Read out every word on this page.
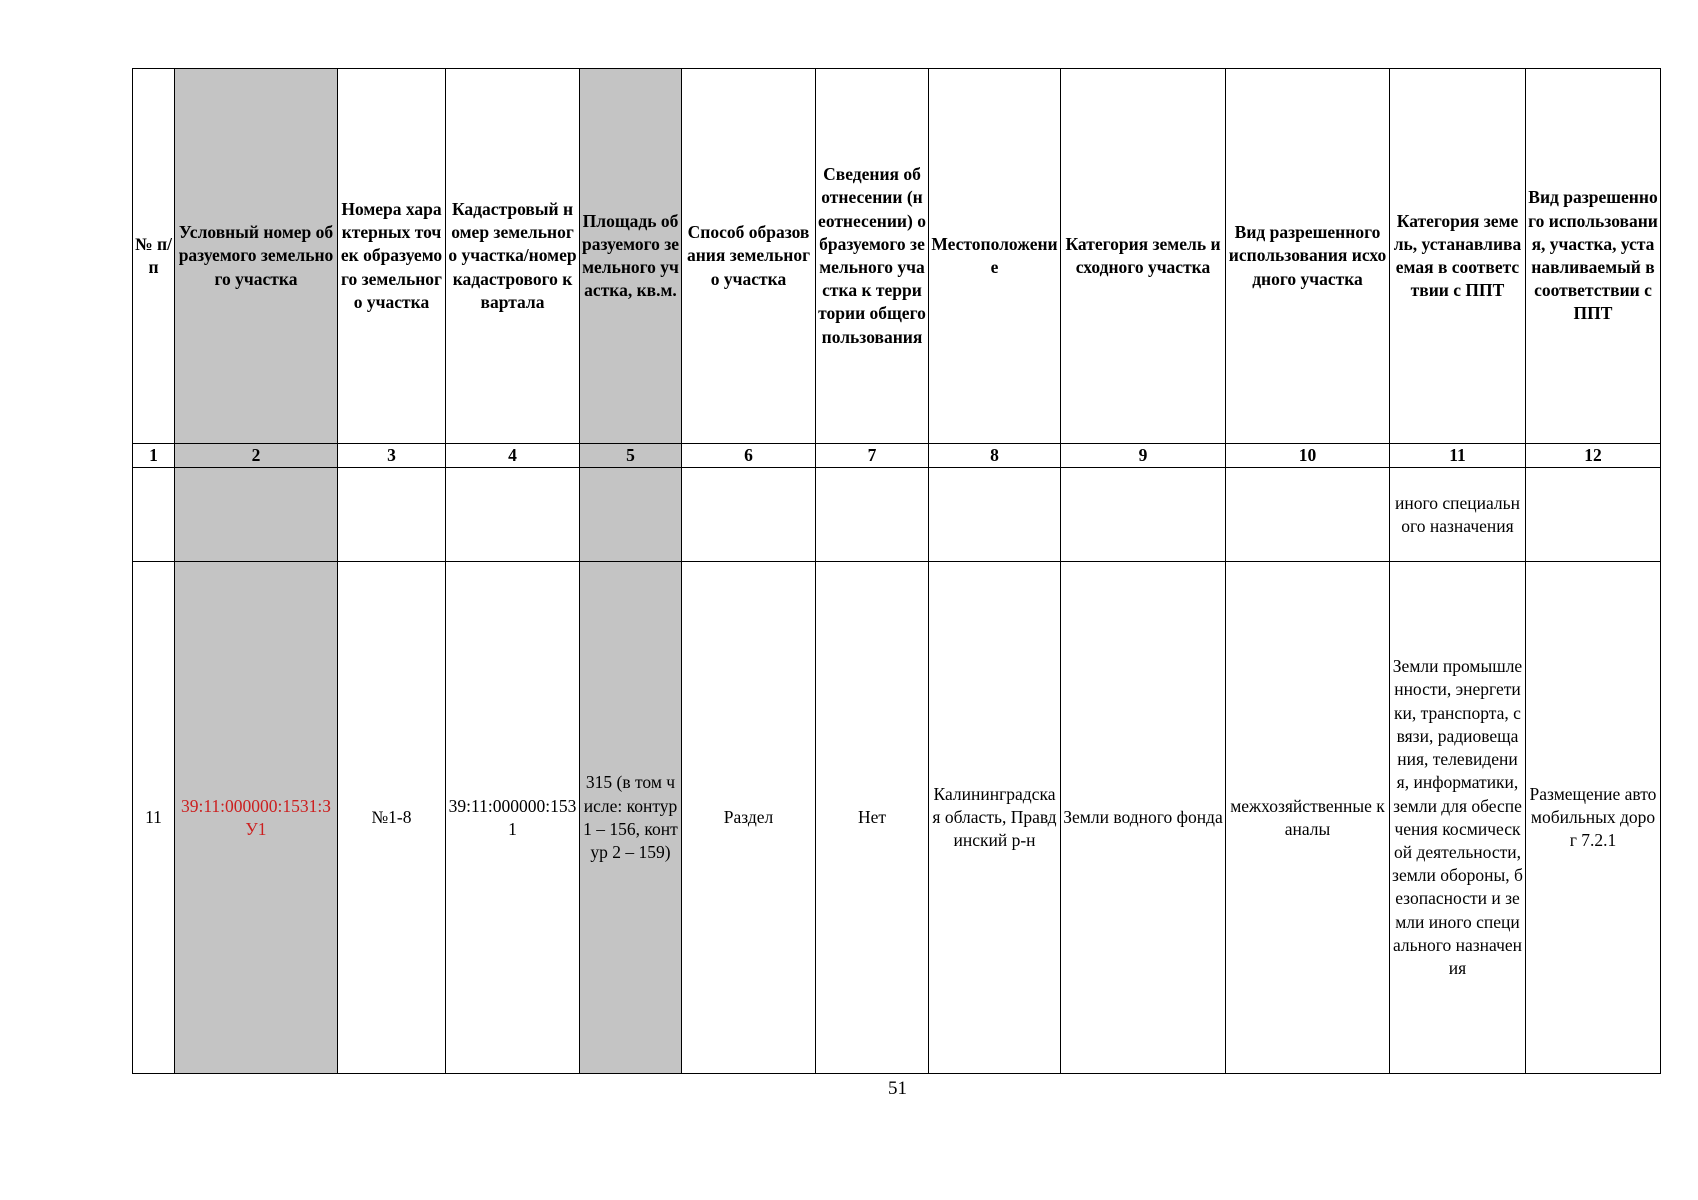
№ п/ п	Условный номер образуемого земельного участка	Номера характерных точек образуемого земельного участка	Кадастровый номер земельного участка/номер кадастрового квартала	Площадь образуемого земельного участка, кв.м.	Способ образования земельного участка	Сведения об отнесении (неотнесении) образуемого земельного участка к территории общего пользования	Местоположение	Категория земель исходного участка	Вид разрешенного использования исходного участка	Категория земель, устанавливаемая в соответствии с ППТ	Вид разрешенного использования, участка, устанавливаемый в соответствии с ППТ
1	2	3	4	5	6	7	8	9	10	11	12
										иного специального назначения	
11	39:11:000000:1531:ЗУ1	№1-8	39:11:000000:1531	315 (в том числе: контур 1 – 156, контур 2 – 159)	Раздел	Нет	Калининградская область, Правдинский р-н	Земли водного фонда	межхозяйственные каналы	Земли промышленности, энергетики, транспорта, связи, радиовещания, телевидения, информатики, земли для обеспечения космической деятельности, земли обороны, безопасности и земли иного специального назначения	Размещение автомобильных дорог 7.2.1
51
